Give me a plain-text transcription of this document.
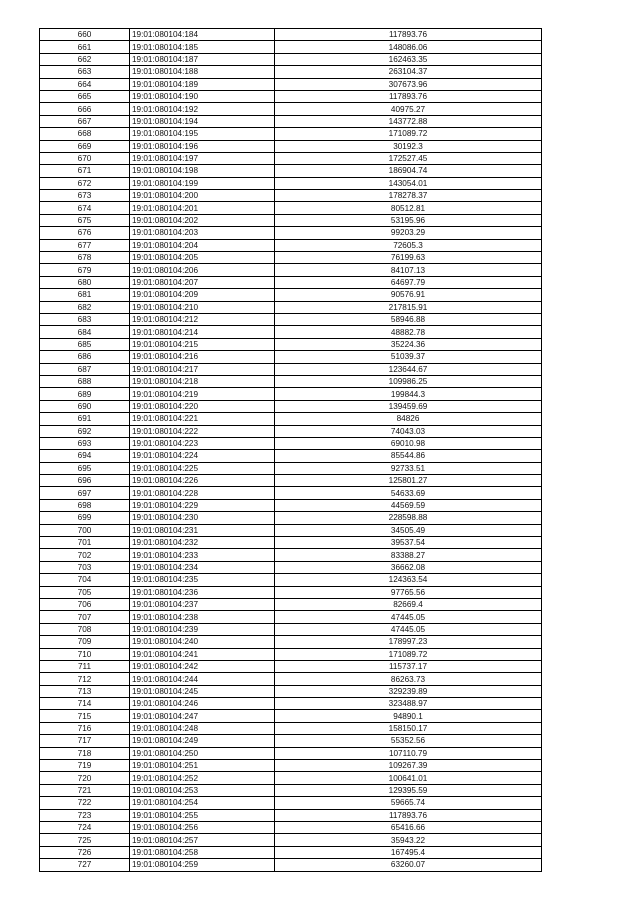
660	19:01:080104:184	117893.76
661	19:01:080104:185	148086.06
662	19:01:080104:187	162463.35
663	19:01:080104:188	263104.37
664	19:01:080104:189	307673.96
665	19:01:080104:190	117893.76
666	19:01:080104:192	40975.27
667	19:01:080104:194	143772.88
668	19:01:080104:195	171089.72
669	19:01:080104:196	30192.3
670	19:01:080104:197	172527.45
671	19:01:080104:198	186904.74
672	19:01:080104:199	143054.01
673	19:01:080104:200	178278.37
674	19:01:080104:201	80512.81
675	19:01:080104:202	53195.96
676	19:01:080104:203	99203.29
677	19:01:080104:204	72605.3
678	19:01:080104:205	76199.63
679	19:01:080104:206	84107.13
680	19:01:080104:207	64697.79
681	19:01:080104:209	90576.91
682	19:01:080104:210	217815.91
683	19:01:080104:212	58946.88
684	19:01:080104:214	48882.78
685	19:01:080104:215	35224.36
686	19:01:080104:216	51039.37
687	19:01:080104:217	123644.67
688	19:01:080104:218	109986.25
689	19:01:080104:219	199844.3
690	19:01:080104:220	139459.69
691	19:01:080104:221	84826
692	19:01:080104:222	74043.03
693	19:01:080104:223	69010.98
694	19:01:080104:224	85544.86
695	19:01:080104:225	92733.51
696	19:01:080104:226	125801.27
697	19:01:080104:228	54633.69
698	19:01:080104:229	44569.59
699	19:01:080104:230	228598.88
700	19:01:080104:231	34505.49
701	19:01:080104:232	39537.54
702	19:01:080104:233	83388.27
703	19:01:080104:234	36662.08
704	19:01:080104:235	124363.54
705	19:01:080104:236	97765.56
706	19:01:080104:237	82669.4
707	19:01:080104:238	47445.05
708	19:01:080104:239	47445.05
709	19:01:080104:240	178997.23
710	19:01:080104:241	171089.72
711	19:01:080104:242	115737.17
712	19:01:080104:244	86263.73
713	19:01:080104:245	329239.89
714	19:01:080104:246	323488.97
715	19:01:080104:247	94890.1
716	19:01:080104:248	158150.17
717	19:01:080104:249	55352.56
718	19:01:080104:250	107110.79
719	19:01:080104:251	109267.39
720	19:01:080104:252	100641.01
721	19:01:080104:253	129395.59
722	19:01:080104:254	59665.74
723	19:01:080104:255	117893.76
724	19:01:080104:256	65416.66
725	19:01:080104:257	35943.22
726	19:01:080104:258	167495.4
727	19:01:080104:259	63260.07
